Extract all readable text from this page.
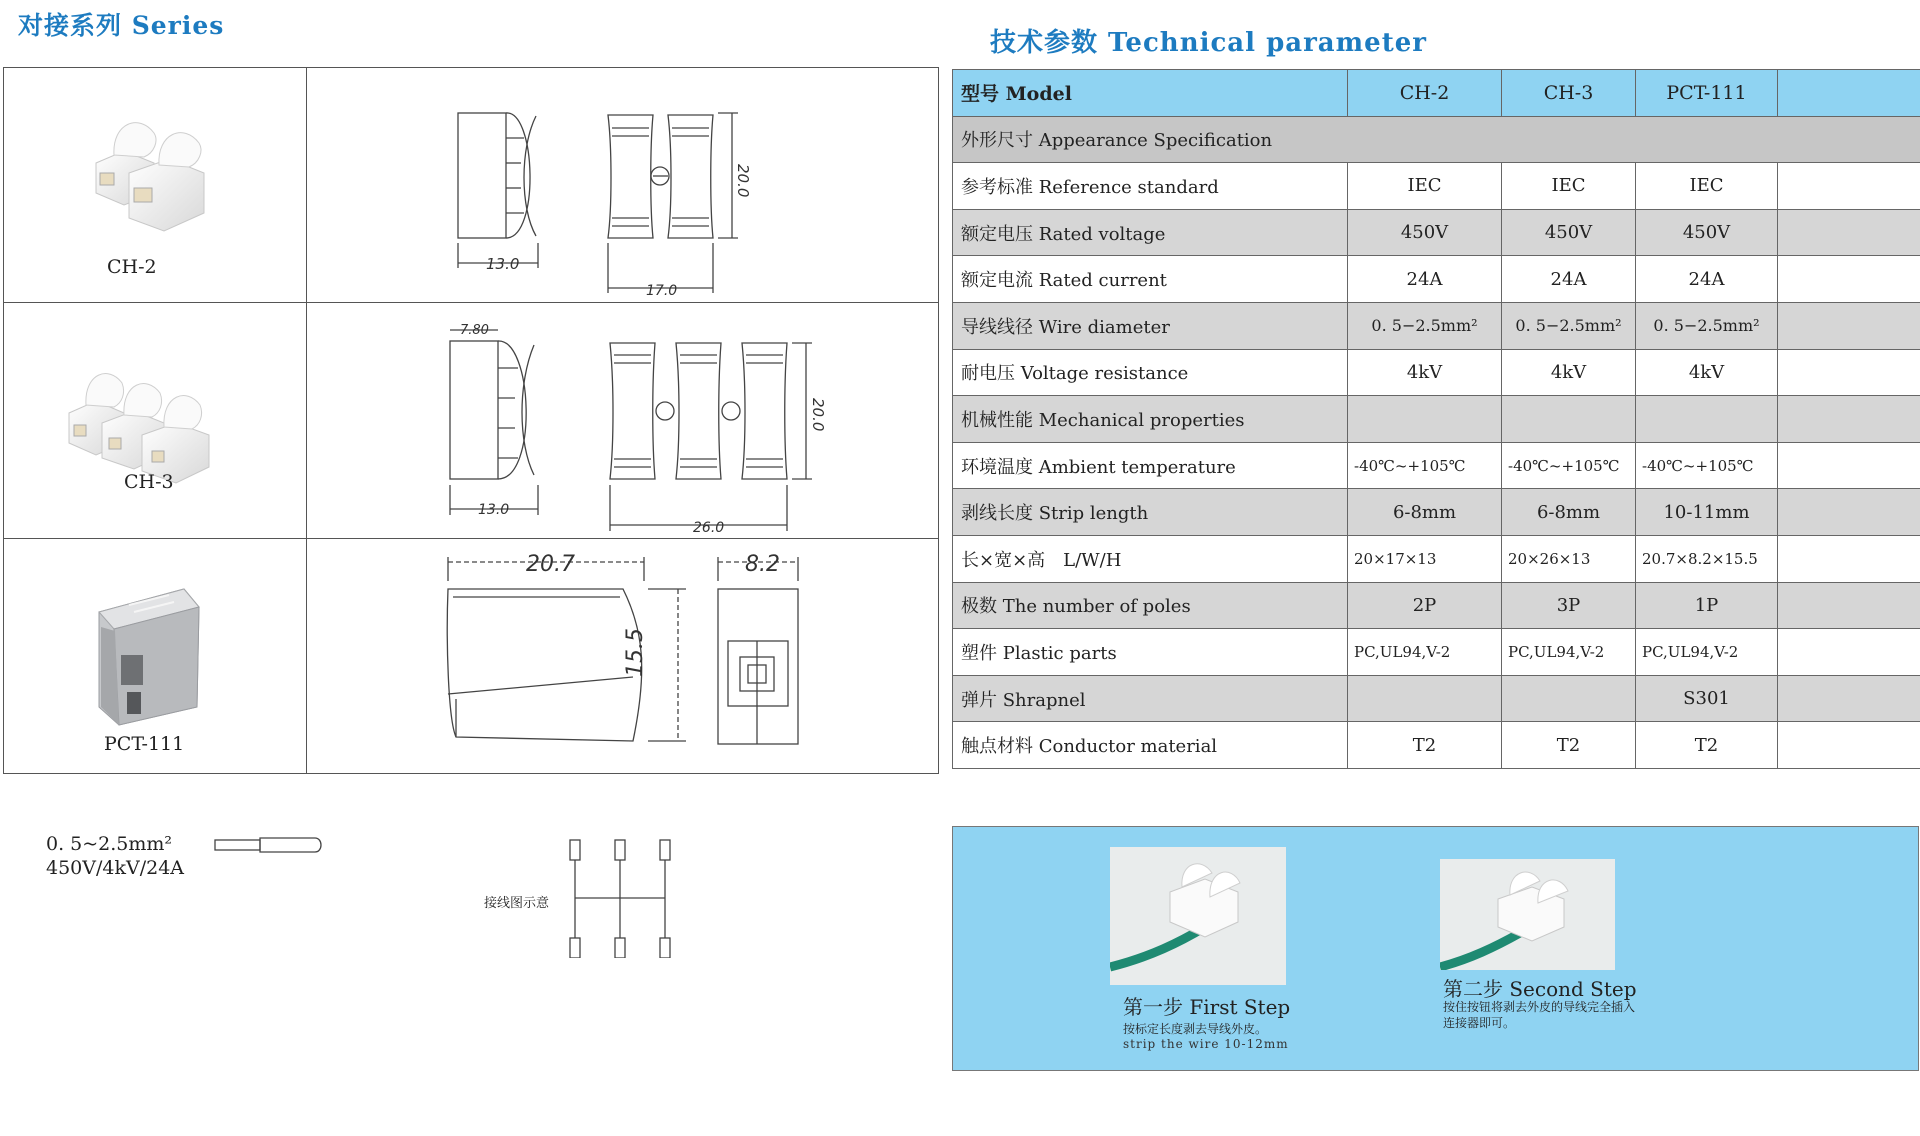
对接系列 Series
技术参数 Technical parameter
CH-2	13.0
17.0
20.0
CH-3
7.80
13.0
26.0
20.0
PCT-111
20.7	8.2
15.5
型号 Model	CH-2	CH-3	PCT-111	
外形尺寸 Appearance Specification				
参考标准 Reference standard	IEC	IEC	IEC	
额定电压 Rated voltage	450V	450V	450V	
额定电流 Rated current	24A	24A	24A	
导线线径 Wire diameter	0. 5−2.5mm²	0. 5−2.5mm²	0. 5−2.5mm²	
耐电压 Voltage resistance	4kV	4kV	4kV	
机械性能 Mechanical properties				
环境温度 Ambient temperature	-40℃~+105℃	-40℃~+105℃	-40℃~+105℃	
剥线长度 Strip length	6-8mm	6-8mm	10-11mm	
长×宽×高　L/W/H	20×17×13	20×26×13	20.7×8.2×15.5	
极数 The number of poles	2P	3P	1P	
塑件 Plastic parts	PC,UL94,V-2	PC,UL94,V-2	PC,UL94,V-2	
弹片 Shrapnel			S301	
触点材料 Conductor material	T2	T2	T2	
0. 5~2.5mm²
450V/4kV/24A
接线图示意
第一步 First Step
按标定长度剥去导线外皮。
strip the wire 10-12mm
第二步 Second Step
按住按钮将剥去外皮的导线完全插入
连接器即可。
